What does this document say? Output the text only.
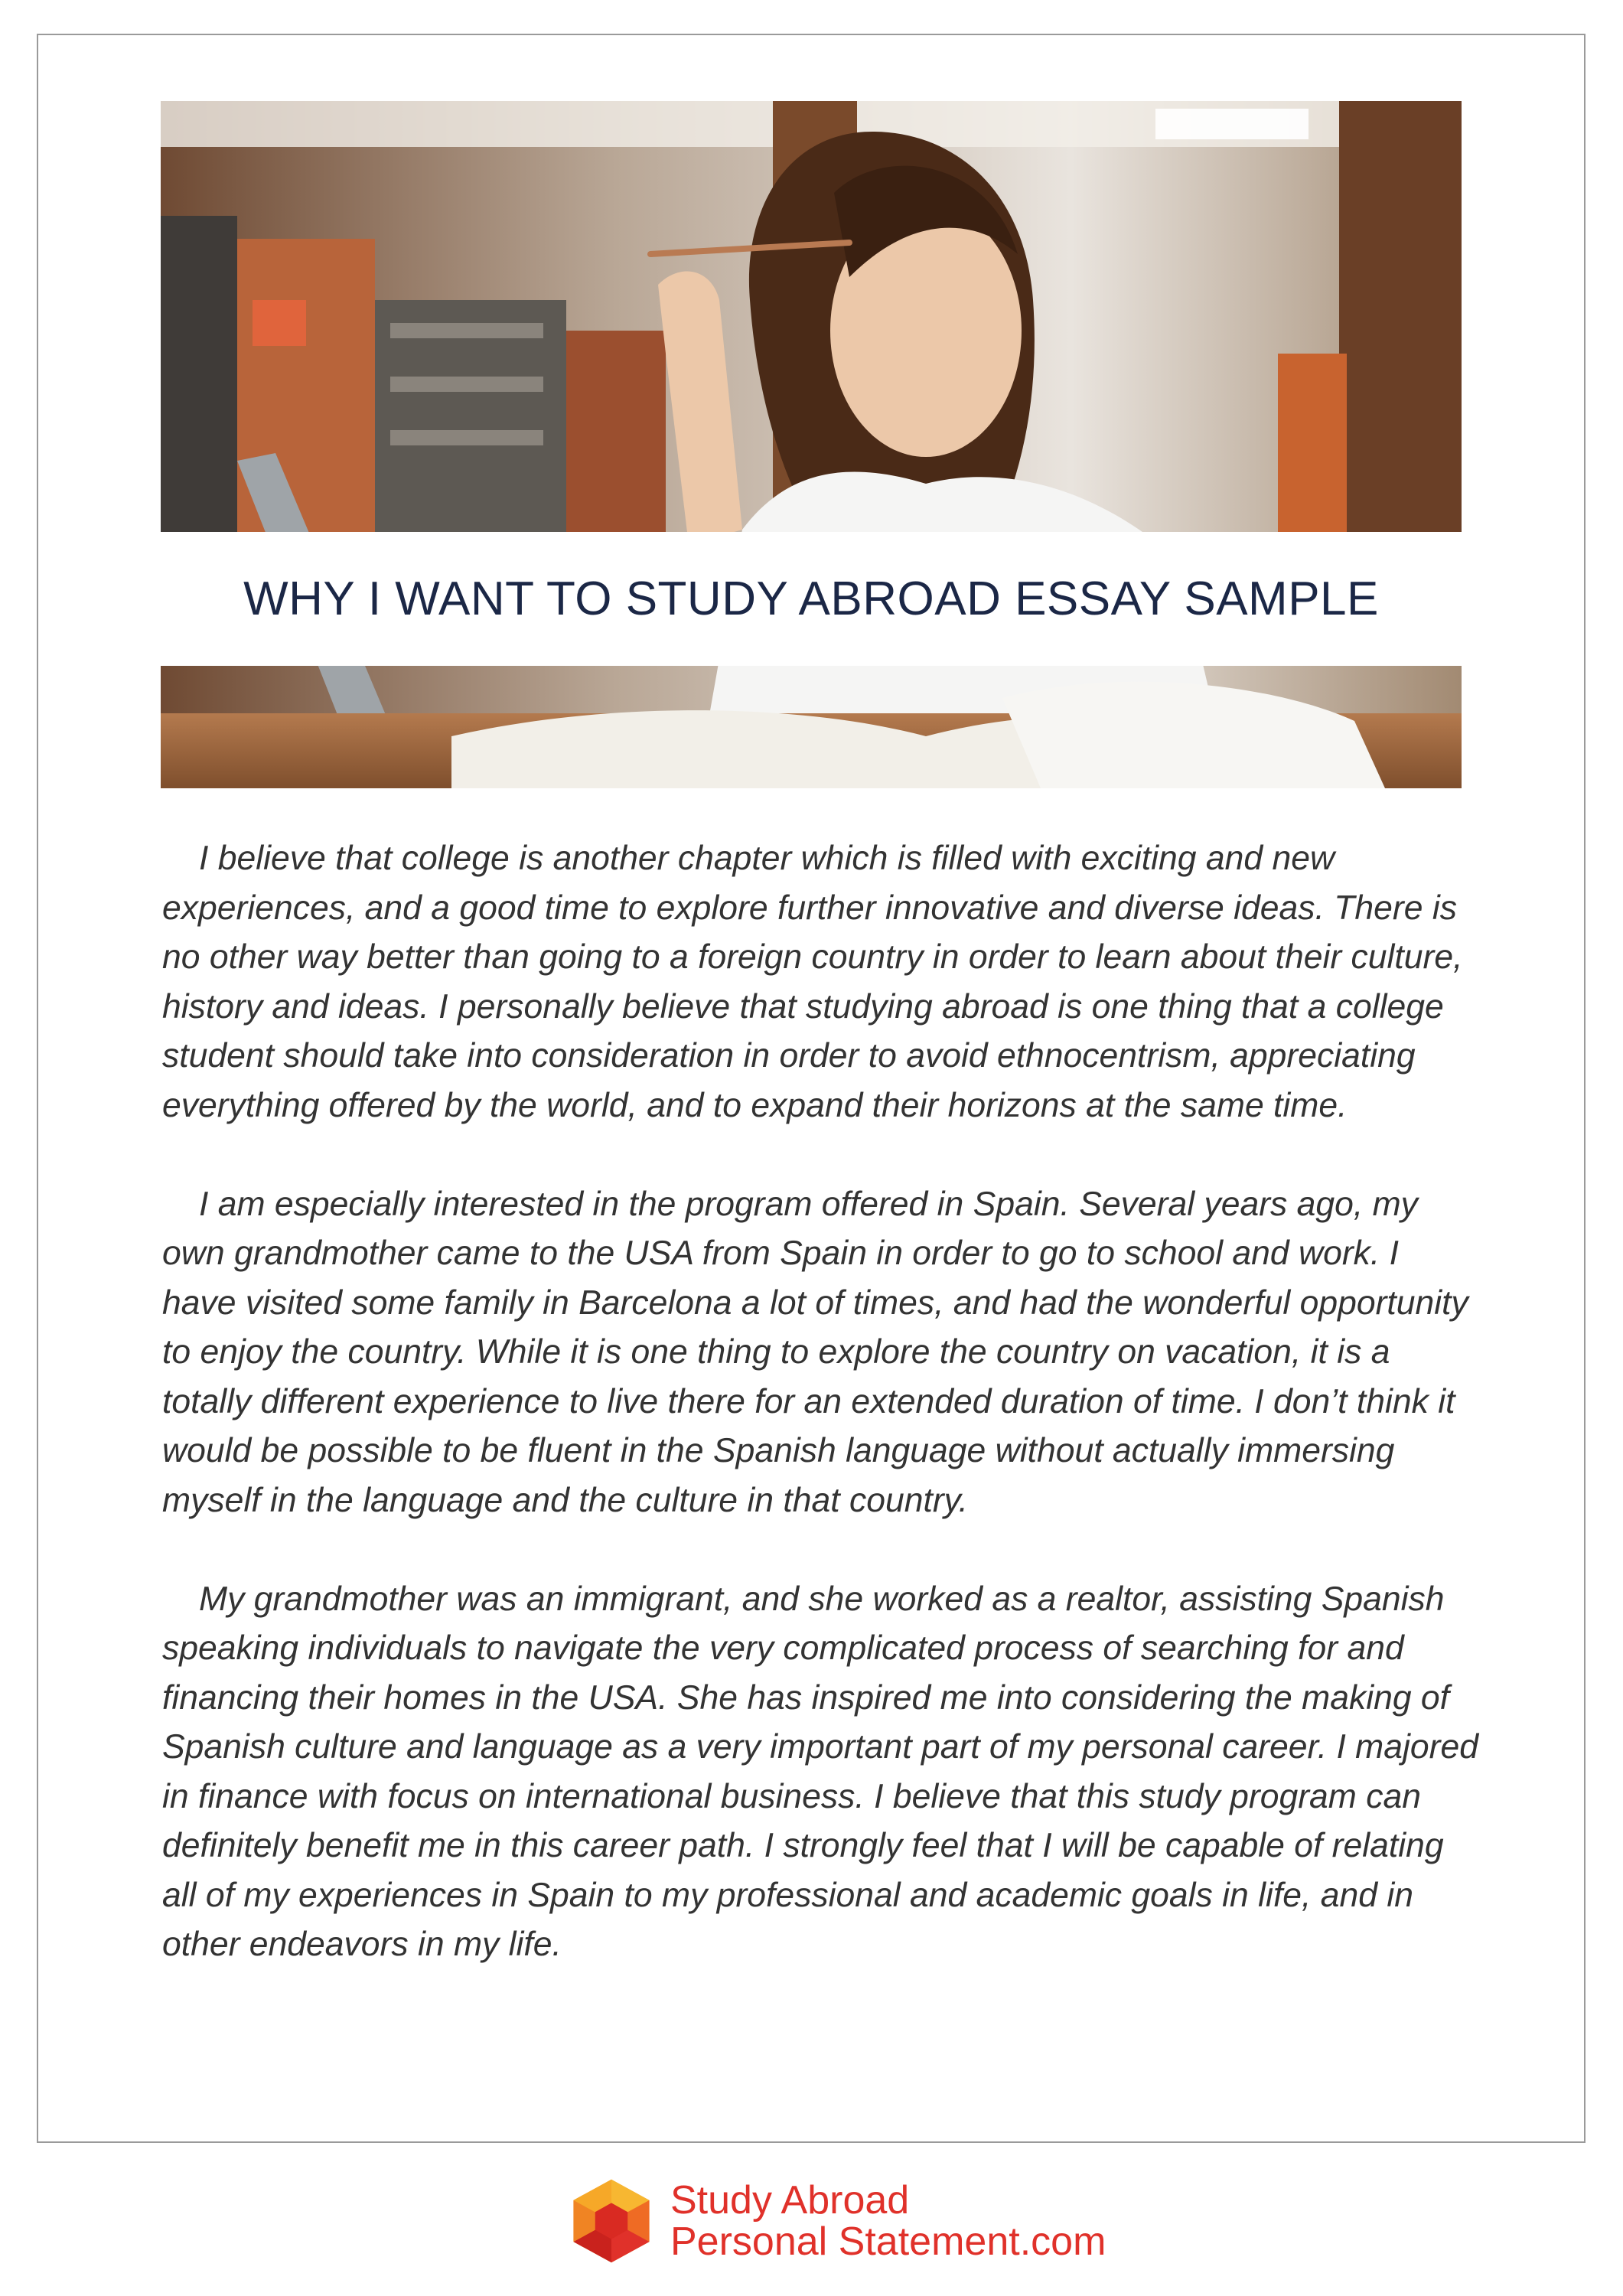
WHY I WANT TO STUDY ABROAD ESSAY SAMPLE

I believe that college is another chapter which is filled with exciting and new experiences, and a good time to explore further innovative and diverse ideas. There is no other way better than going to a foreign country in order to learn about their culture, history and ideas. I personally believe that studying abroad is one thing that a college student should take into consideration in order to avoid ethnocentrism, appreciating everything offered by the world, and to expand their horizons at the same time.

I am especially interested in the program offered in Spain. Several years ago, my own grandmother came to the USA from Spain in order to go to school and work. I have visited some family in Barcelona a lot of times, and had the wonderful opportunity to enjoy the country. While it is one thing to explore the country on vacation, it is a totally different experience to live there for an extended duration of time. I don’t think it would be possible to be fluent in the Spanish language without actually immersing myself in the language and the culture in that country.

My grandmother was an immigrant, and she worked as a realtor, assisting Spanish speaking individuals to navigate the very complicated process of searching for and financing their homes in the USA. She has inspired me into considering the making of Spanish culture and language as a very important part of my personal career. I majored in finance with focus on international business. I believe that this study program can definitely benefit me in this career path. I strongly feel that I will be capable of relating all of my experiences in Spain to my professional and academic goals in life, and in other endeavors in my life.

Study Abroad
Personal Statement.com
